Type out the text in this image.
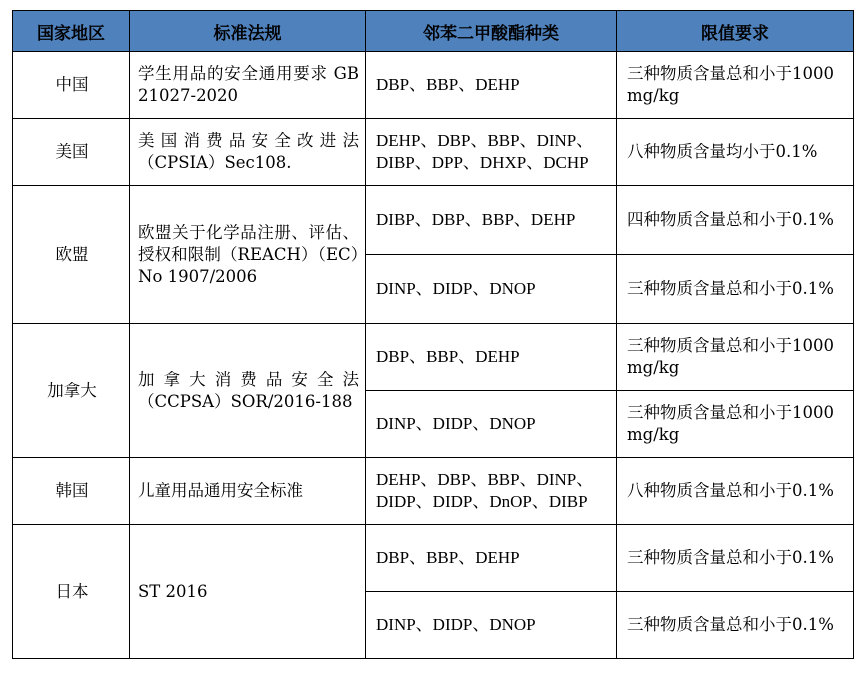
国家地区	标准法规	邻苯二甲酸酯种类	限值要求
中国	学生用品的安全通用要求 GB 21027-2020	DBP、BBP、DEHP	三种物质含量总和小于1000 mg/kg
美国	美国消费品安全改进法（CPSIA）Sec108.	DEHP、DBP、BBP、DINP、DIBP、DPP、DHXP、DCHP	八种物质含量均小于0.1%
欧盟	欧盟关于化学品注册、评估、授权和限制（REACH）（EC）No 1907/2006	DIBP、DBP、BBP、DEHP	四种物质含量总和小于0.1%
		DINP、DIDP、DNOP	三种物质含量总和小于0.1%
加拿大	加拿大消费品安全法（CCPSA）SOR/2016-188	DBP、BBP、DEHP	三种物质含量总和小于1000 mg/kg
		DINP、DIDP、DNOP	三种物质含量总和小于1000 mg/kg
韩国	儿童用品通用安全标准	DEHP、DBP、BBP、DINP、DIDP、DIDP、DnOP、DIBP	八种物质含量总和小于0.1%
日本	ST 2016	DBP、BBP、DEHP	三种物质含量总和小于0.1%
		DINP、DIDP、DNOP	三种物质含量总和小于0.1%
